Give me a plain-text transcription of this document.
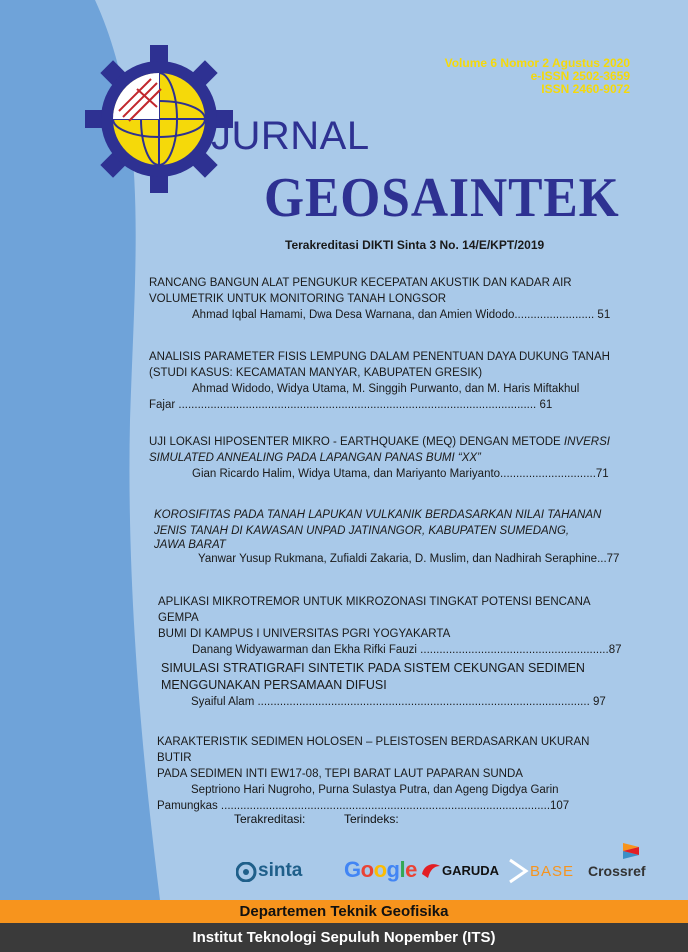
Volume 6 Nomor 2 Agustus 2020
e-ISSN 2502-3659
ISSN 2460-9072
JURNAL
GEOSAINTEK
Terakreditasi DIKTI Sinta 3 No. 14/E/KPT/2019
RANCANG BANGUN ALAT PENGUKUR KECEPATAN AKUSTIK DAN KADAR AIR
VOLUMETRIK UNTUK MONITORING TANAH LONGSOR
Ahmad Iqbal Hamami, Dwa Desa Warnana, dan Amien Widodo......................... 51
ANALISIS PARAMETER FISIS LEMPUNG DALAM PENENTUAN DAYA DUKUNG TANAH
(STUDI KASUS: KECAMATAN MANYAR, KABUPATEN GRESIK)
Ahmad Widodo, Widya Utama, M. Singgih Purwanto, dan M. Haris Miftakhul
Fajar ................................................................................................................ 61
UJI LOKASI HIPOSENTER MIKRO - EARTHQUAKE (MEQ) DENGAN METODE INVERSI
SIMULATED ANNEALING PADA LAPANGAN PANAS BUMI “XX”
Gian Ricardo Halim, Widya Utama, dan Mariyanto Mariyanto..............................71
KOROSIFITAS PADA TANAH LAPUKAN VULKANIK BERDASARKAN NILAI TAHANAN
JENIS TANAH DI KAWASAN UNPAD JATINANGOR, KABUPATEN SUMEDANG,
JAWA BARAT
Yanwar Yusup Rukmana, Zufialdi Zakaria, D. Muslim, dan Nadhirah Seraphine...77
APLIKASI MIKROTREMOR UNTUK MIKROZONASI TINGKAT POTENSI BENCANA GEMPA
BUMI DI KAMPUS I UNIVERSITAS PGRI YOGYAKARTA
Danang Widyawarman dan Ekha Rifki Fauzi ...........................................................87
SIMULASI STRATIGRAFI SINTETIK PADA SISTEM CEKUNGAN SEDIMEN
MENGGUNAKAN PERSAMAAN DIFUSI
Syaiful Alam ........................................................................................................ 97
KARAKTERISTIK SEDIMEN HOLOSEN – PLEISTOSEN BERDASARKAN UKURAN BUTIR
PADA SEDIMEN INTI EW17-08, TEPI BARAT LAUT PAPARAN SUNDA
Septriono Hari Nugroho, Purna Sulastya Putra, dan Ageng Digdya Garin
Pamungkas .......................................................................................................107
Terakreditasi:	Terindeks:
sinta Google GARUDA BASE Crossref
Departemen Teknik Geofisika
Institut Teknologi Sepuluh Nopember (ITS)
